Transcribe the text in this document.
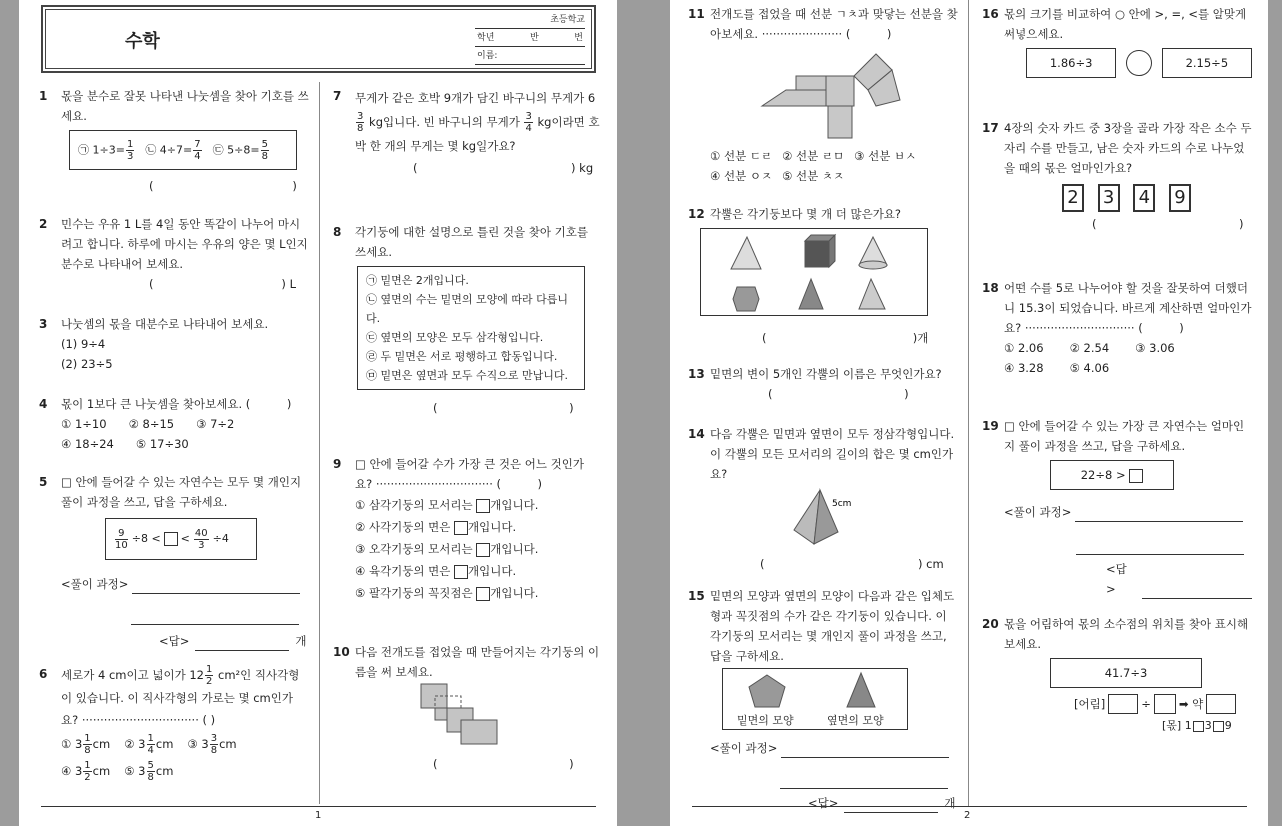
수학
초등학교
학년	반	번
이름:
1 몫을 분수로 잘못 나타낸 나눗셈을 찾아 기호를 쓰세요.
㉠ $1\div 3= \frac{1}{3}$ ㉡ $4\div 7= \frac{7}{4}$ ㉢ $5\div 8= \frac{5}{8}$
(                                      )
2 민수는 우유 1 L를 4일 동안 똑같이 나누어 마시려고 합니다. 하루에 마시는 우유의 양은 몇 L인지 분수로 나타내어 보세요.
(                                   ) L
3 나눗셈의 몫을 대분수로 나타내어 보세요.
(1) 9÷4
(2) 23÷5
4 몫이 1보다 큰 나눗셈을 찾아보세요. (          )
① 1÷10 ② 8÷15 ③ 7÷2
④ 18÷24 ⑤ 17÷30
5 □ 안에 들어갈 수 있는 자연수는 모두 몇 개인지 풀이 과정을 쓰고, 답을 구하세요.
$\frac{9}{10} \div 8$ < < $\frac{40}{3} \div 4$
<풀이 과정>
<답>	개
6 세로가 4 cm이고 넓이가 $12 \frac{1}{2} cm^2$인 직사각형이 있습니다. 이 직사각형의 가로는 몇 cm인가요? ································ ( )
① $3 \frac{1}{8}$ cm ② $3 \frac{1}{4}$ cm ③ $3 \frac{3}{8}$ cm
④ $3 \frac{1}{2}$ cm ⑤ $3 \frac{5}{8}$ cm
7 무게가 같은 호박 9개가 담긴 바구니의 무게가 6
$\frac{3}{8}$ kg입니다. 빈 바구니의 무게가 $\frac{3}{4}$ kg이라면 호박 한 개의 무게는 몇 kg일가요?
(                                          ) kg
8 각기둥에 대한 설명으로 틀린 것을 찾아 기호를 쓰세요.
㉠ 밑면은 2개입니다.
㉡ 옆면의 수는 밑면의 모양에 따라 다릅니다.
㉢ 옆면의 모양은 모두 삼각형입니다.
㉣ 두 밑면은 서로 평행하고 합동입니다.
㉤ 밑면은 옆면과 모두 수직으로 만납니다.
(                                    )
9 □ 안에 들어갈 수가 가장 큰 것은 어느 것인가요? ································ (          )
① 삼각기둥의 모서리는 개입니다.
② 사각기둥의 면은 개입니다.
③ 오각기둥의 모서리는 개입니다.
④ 육각기둥의 면은 개입니다.
⑤ 팔각기둥의 꼭짓점은 개입니다.
10 다음 전개도를 접었을 때 만들어지는 각기둥의 이름을 써 보세요.
(                                    )
1
11 전개도를 접었을 때 선분 ㄱㅊ과 맞닿는 선분을 찾아보세요. ······················ (          )
① 선분 ㄷㄹ ② 선분 ㄹㅁ ③ 선분 ㅂㅅ
④ 선분 ㅇㅈ ⑤ 선분 ㅊㅈ
12 각뿔은 각기둥보다 몇 개 더 많은가요?
(                                        )개
13 밑면의 변이 5개인 각뿔의 이름은 무엇인가요?
(                                    )
14 다음 각뿔은 밑면과 옆면이 모두 정삼각형입니다. 이 각뿔의 모든 모서리의 길이의 합은 몇 cm인가요?
5cm
(                                          ) cm
15 밑면의 모양과 옆면의 모양이 다음과 같은 입체도형과 꼭짓점의 수가 같은 각기둥이 있습니다. 이 각기둥의 모서리는 몇 개인지 풀이 과정을 쓰고, 답을 구하세요.
밑면의 모양	옆면의 모양
<풀이 과정>
<답>	개
16 몫의 크기를 비교하여 ○ 안에 >, =, <를 알맞게 써넣으세요.
1.86÷3	2.15÷5
17 4장의 숫자 카드 중 3장을 골라 가장 작은 소수 두 자리 수를 만들고, 남은 숫자 카드의 수로 나누었을 때의 몫은 얼마인가요?
2 3 4 9
(                                       )
18 어떤 수를 5로 나누어야 할 것을 잘못하여 더했더니 15.3이 되었습니다. 바르게 계산하면 얼마인가요? ······························ (          )
① 2.06 ② 2.54 ③ 3.06
④ 3.28 ⑤ 4.06
19 □ 안에 들어갈 수 있는 가장 큰 자연수는 얼마인지 풀이 과정을 쓰고, 답을 구하세요.
22÷8 >
<풀이 과정>
<답>
20 몫을 어림하여 몫의 소수점의 위치를 찾아 표시해 보세요.
41.7÷3
[어림]	÷ ➡ 약
[몫] 1 3 9
2
